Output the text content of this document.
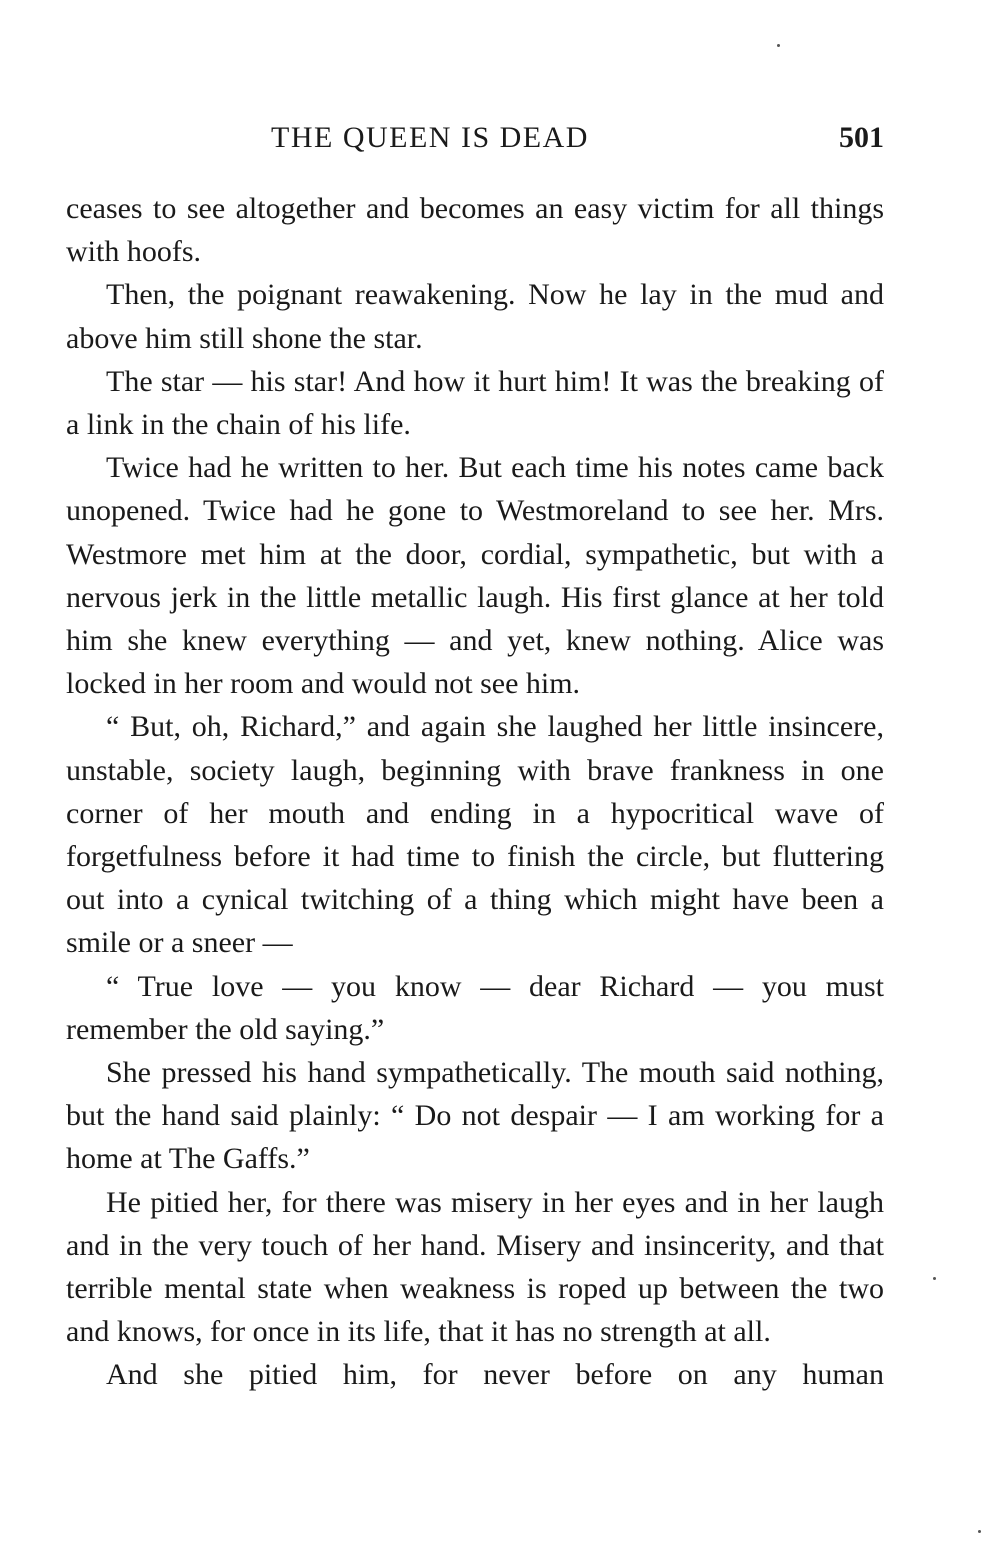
THE QUEEN IS DEAD	501

ceases to see altogether and becomes an easy victim for all things with hoofs.

Then, the poignant reawakening. Now he lay in the mud and above him still shone the star.

The star — his star! And how it hurt him! It was the breaking of a link in the chain of his life.

Twice had he written to her. But each time his notes came back unopened. Twice had he gone to Westmoreland to see her. Mrs. Westmore met him at the door, cordial, sympathetic, but with a nervous jerk in the little metallic laugh. His first glance at her told him she knew everything — and yet, knew nothing. Alice was locked in her room and would not see him.

“ But, oh, Richard,” and again she laughed her little insincere, unstable, society laugh, beginning with brave frankness in one corner of her mouth and ending in a hypocritical wave of forgetfulness before it had time to finish the circle, but fluttering out into a cynical twitching of a thing which might have been a smile or a sneer —

“ True love — you know — dear Richard — you must remember the old saying.”

She pressed his hand sympathetically. The mouth said nothing, but the hand said plainly: “ Do not despair — I am working for a home at The Gaffs.”

He pitied her, for there was misery in her eyes and in her laugh and in the very touch of her hand. Misery and insincerity, and that terrible mental state when weakness is roped up between the two and knows, for once in its life, that it has no strength at all.

And she pitied him, for never before on any human
